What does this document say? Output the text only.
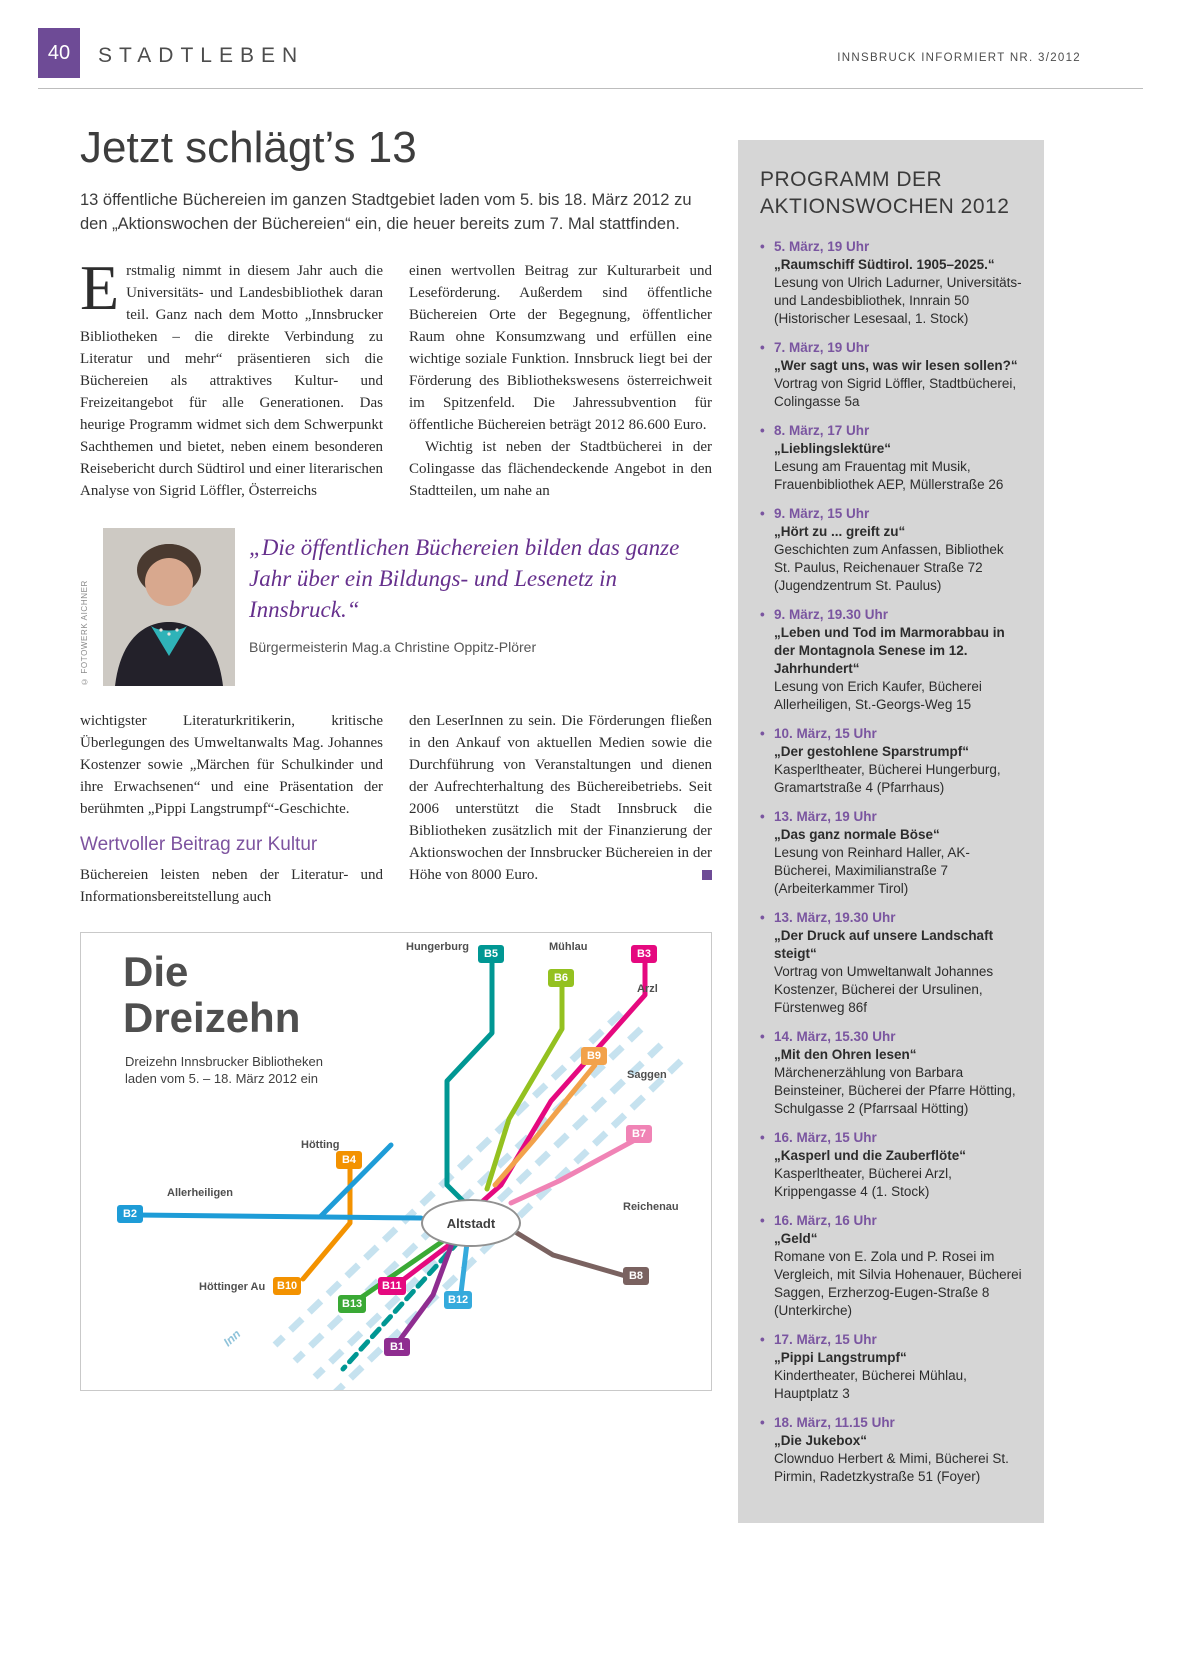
40 STADTLEBEN	INNSBRUCK INFORMIERT NR. 3/2012
Jetzt schlägt’s 13

13 öffentliche Büchereien im ganzen Stadtgebiet laden vom 5. bis 18. März 2012 zu den „Aktionswochen der Büchereien“ ein, die heuer bereits zum 7. Mal stattfinden.

Erstmalig nimmt in diesem Jahr auch die Universitäts- und Landesbibliothek daran teil. Ganz nach dem Motto „Innsbrucker Bibliotheken – die direkte Verbindung zu Literatur und mehr“ präsentieren sich die Büchereien als attraktives Kultur- und Freizeitangebot für alle Generationen. Das heurige Programm widmet sich dem Schwerpunkt Sachthemen und bietet, neben einem besonderen Reisebericht durch Südtirol und einer literarischen Analyse von Sigrid Löffler, Österreichs

einen wertvollen Beitrag zur Kulturarbeit und Leseförderung. Außerdem sind öffentliche Büchereien Orte der Begegnung, öffentlicher Raum ohne Konsumzwang und erfüllen eine wichtige soziale Funktion. Innsbruck liegt bei der Förderung des Bibliothekswesens österreichweit im Spitzenfeld. Die Jahressubvention für öffentliche Büchereien beträgt 2012 86.600 Euro.

Wichtig ist neben der Stadtbücherei in der Colingasse das flächendeckende Angebot in den Stadtteilen, um nahe an

© FOTOWERK AICHNER
„Die öffentlichen Büchereien bilden das ganze Jahr über ein Bildungs- und Lesenetz in Innsbruck.“
Bürgermeisterin Mag.a Christine Oppitz-Plörer

wichtigster Literaturkritikerin, kritische Überlegungen des Umweltanwalts Mag. Johannes Kostenzer sowie „Märchen für Schulkinder und ihre Erwachsenen“ und eine Präsentation der berühmten „Pippi Langstrumpf“-Geschichte.

Wertvoller Beitrag zur Kultur

Büchereien leisten neben der Literatur- und Informationsbereitstellung auch

den LeserInnen zu sein. Die Förderungen fließen in den Ankauf von aktuellen Medien sowie die Durchführung von Veranstaltungen und dienen der Aufrechterhaltung des Büchereibetriebs. Seit 2006 unterstützt die Stadt Innsbruck die Bibliotheken zusätzlich mit der Finanzierung der Aktionswochen der Innsbrucker Büchereien in der Höhe von 8000 Euro.

Die Dreizehn
Dreizehn Innsbrucker Bibliotheken laden vom 5. – 18. März 2012 ein
Inn
Hungerburg	Mühlau
Arzl
Saggen
Hötting
Allerheiligen
Reichenau
Höttinger Au
Altstadt
B1
B2
B3
B4
B5
B6
B7
B8
B9
B10	B11
B12
B13
PROGRAMM DER AKTIONSWOCHEN 2012
• 5. März, 19 Uhr
„Raumschiff Südtirol. 1905–2025.“
Lesung von Ulrich Ladurner, Universitäts- und Landesbibliothek, Innrain 50 (Historischer Lesesaal, 1. Stock)
• 7. März, 19 Uhr
„Wer sagt uns, was wir lesen sollen?“
Vortrag von Sigrid Löffler, Stadtbücherei, Colingasse 5a
• 8. März, 17 Uhr
„Lieblingslektüre“
Lesung am Frauentag mit Musik, Frauenbibliothek AEP, Müllerstraße 26
• 9. März, 15 Uhr
„Hört zu ... greift zu“
Geschichten zum Anfassen, Bibliothek St. Paulus, Reichenauer Straße 72 (Jugendzentrum St. Paulus)
• 9. März, 19.30 Uhr
„Leben und Tod im Marmorabbau in der Montagnola Senese im 12. Jahrhundert“
Lesung von Erich Kaufer, Bücherei Allerheiligen, St.-Georgs-Weg 15
• 10. März, 15 Uhr
„Der gestohlene Sparstrumpf“
Kasperltheater, Bücherei Hungerburg, Gramartstraße 4 (Pfarrhaus)
• 13. März, 19 Uhr
„Das ganz normale Böse“
Lesung von Reinhard Haller, AK-Bücherei, Maximilianstraße 7 (Arbeiterkammer Tirol)
• 13. März, 19.30 Uhr
„Der Druck auf unsere Landschaft steigt“
Vortrag von Umweltanwalt Johannes Kostenzer, Bücherei der Ursulinen, Fürstenweg 86f
• 14. März, 15.30 Uhr
„Mit den Ohren lesen“
Märchenerzählung von Barbara Beinsteiner, Bücherei der Pfarre Hötting, Schulgasse 2 (Pfarrsaal Hötting)
• 16. März, 15 Uhr
„Kasperl und die Zauberflöte“
Kasperltheater, Bücherei Arzl, Krippengasse 4 (1. Stock)
• 16. März, 16 Uhr
„Geld“
Romane von E. Zola und P. Rosei im Vergleich, mit Silvia Hohenauer, Bücherei Saggen, Erzherzog-Eugen-Straße 8 (Unterkirche)
• 17. März, 15 Uhr
„Pippi Langstrumpf“
Kindertheater, Bücherei Mühlau, Hauptplatz 3
• 18. März, 11.15 Uhr
„Die Jukebox“
Clownduo Herbert & Mimi, Bücherei St. Pirmin, Radetzkystraße 51 (Foyer)
